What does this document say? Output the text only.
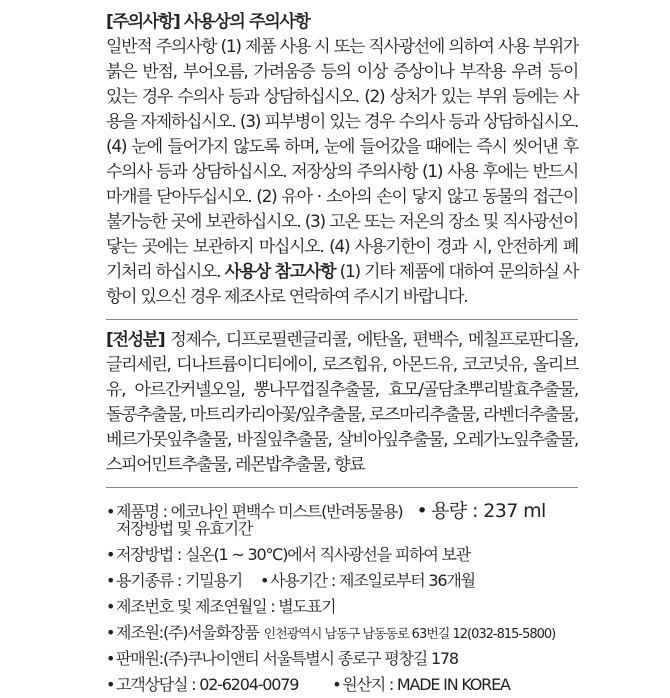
[주의사항] 사용상의 주의사항
일반적 주의사항 (1) 제품 사용 시 또는 직사광선에 의하여 사용 부위가 붉은 반점, 부어오름, 가려움증 등의 이상 증상이나 부작용 우려 등이 있는 경우 수의사 등과 상담하십시오. (2) 상처가 있는 부위 등에는 사용을 자제하십시오. (3) 피부병이 있는 경우 수의사 등과 상담하십시오. (4) 눈에 들어가지 않도록 하며, 눈에 들어갔을 때에는 즉시 씻어낸 후 수의사 등과 상담하십시오. 저장상의 주의사항 (1) 사용 후에는 반드시 마개를 닫아두십시오. (2) 유아 · 소아의 손이 닿지 않고 동물의 접근이 불가능한 곳에 보관하십시오. (3) 고온 또는 저온의 장소 및 직사광선이 닿는 곳에는 보관하지 마십시오. (4) 사용기한이 경과 시, 안전하게 폐기처리 하십시오. 사용상 참고사항 (1) 기타 제품에 대하여 문의하실 사항이 있으신 경우 제조사로 연락하여 주시기 바랍니다.
[전성분] 정제수, 디프로필렌글리콜, 에탄올, 편백수, 메칠프로판디올, 글리세린, 디나트륨이디티에이, 로즈힙유, 아몬드유, 코코넛유, 올리브유, 아르간커넬오일, 뽕나무껍질추출물, 효모/골담초뿌리발효추출물, 돌콩추출물, 마트리카리아꽃/잎추출물, 로즈마리추출물, 라벤더추출물, 베르가못잎추출물, 바질잎추출물, 살비아잎추출물, 오레가노잎추출물, 스피어민트추출물, 레몬밥추출물, 향료
• 제품명 : 에코나인 편백수 미스트(반려동물용) • 용량 : 237 ml
저장방법 및 유효기간
• 저장방법 : 실온(1 ~ 30℃)에서 직사광선을 피하여 보관
• 용기종류 : 기밀용기 • 사용기간 : 제조일로부터 36개월
• 제조번호 및 제조연월일 : 별도표기
• 제조원:(주)서울화장품 인천광역시 남동구 남동동로 63번길 12(032-815-5800)
• 판매원:(주)쿠나이앤티 서울특별시 종로구 평창길 178
• 고객상담실 : 02-6204-0079 • 원산지 : MADE IN KOREA
